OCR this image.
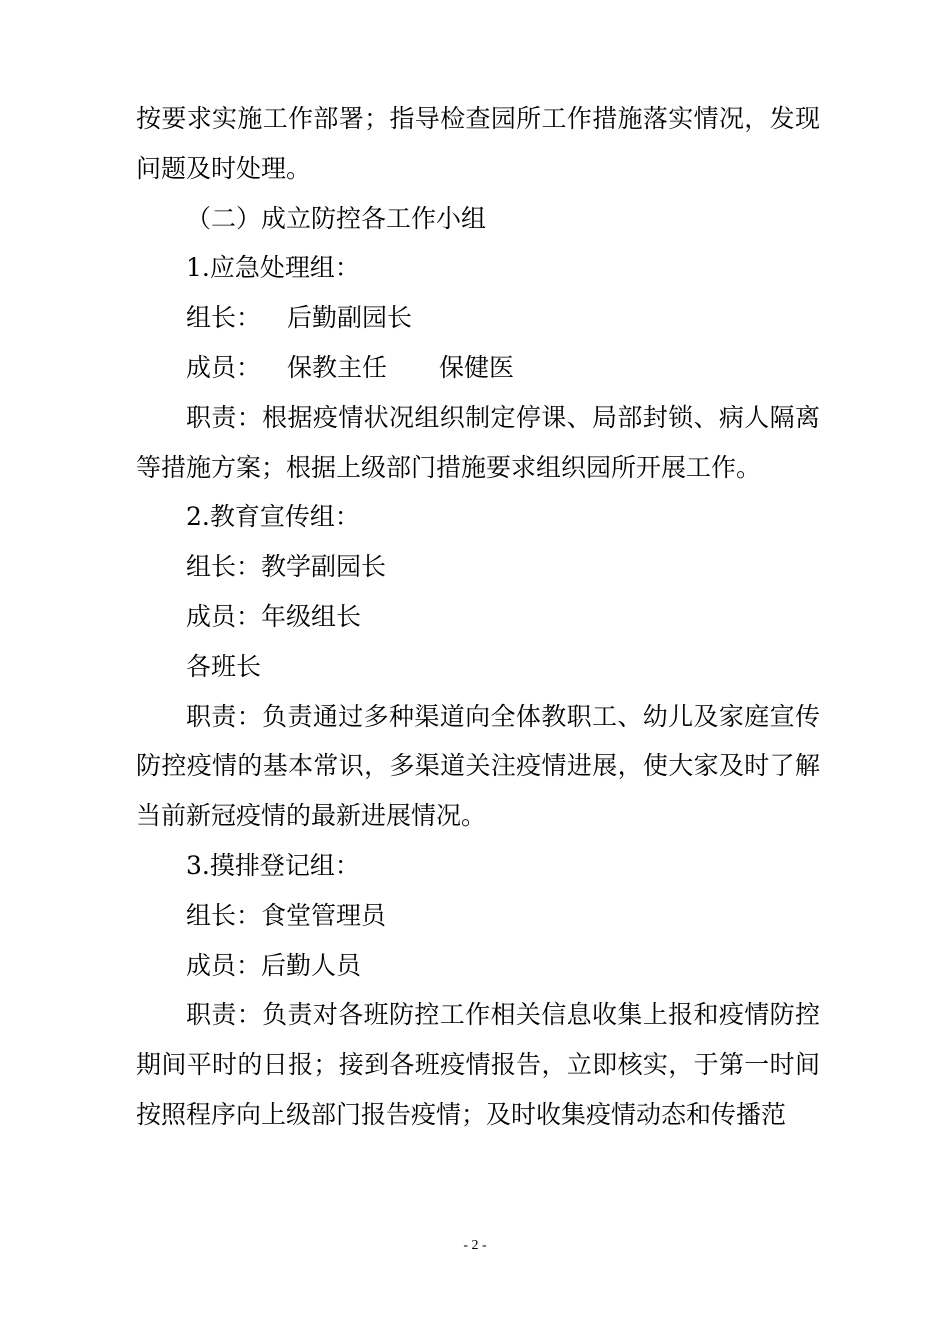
按要求实施工作部署；指导检查园所工作措施落实情况，发现问题及时处理。

（二）成立防控各工作小组

1.应急处理组：

组长： 后勤副园长

成员： 保教主任 保健医

职责：根据疫情状况组织制定停课、局部封锁、病人隔离等措施方案；根据上级部门措施要求组织园所开展工作。

2.教育宣传组：

组长：教学副园长

成员：年级组长

各班长

职责：负责通过多种渠道向全体教职工、幼儿及家庭宣传防控疫情的基本常识，多渠道关注疫情进展，使大家及时了解当前新冠疫情的最新进展情况。

3.摸排登记组：

组长：食堂管理员

成员：后勤人员

职责：负责对各班防控工作相关信息收集上报和疫情防控期间平时的日报；接到各班疫情报告，立即核实，于第一时间按照程序向上级部门报告疫情；及时收集疫情动态和传播范

- 2 -
